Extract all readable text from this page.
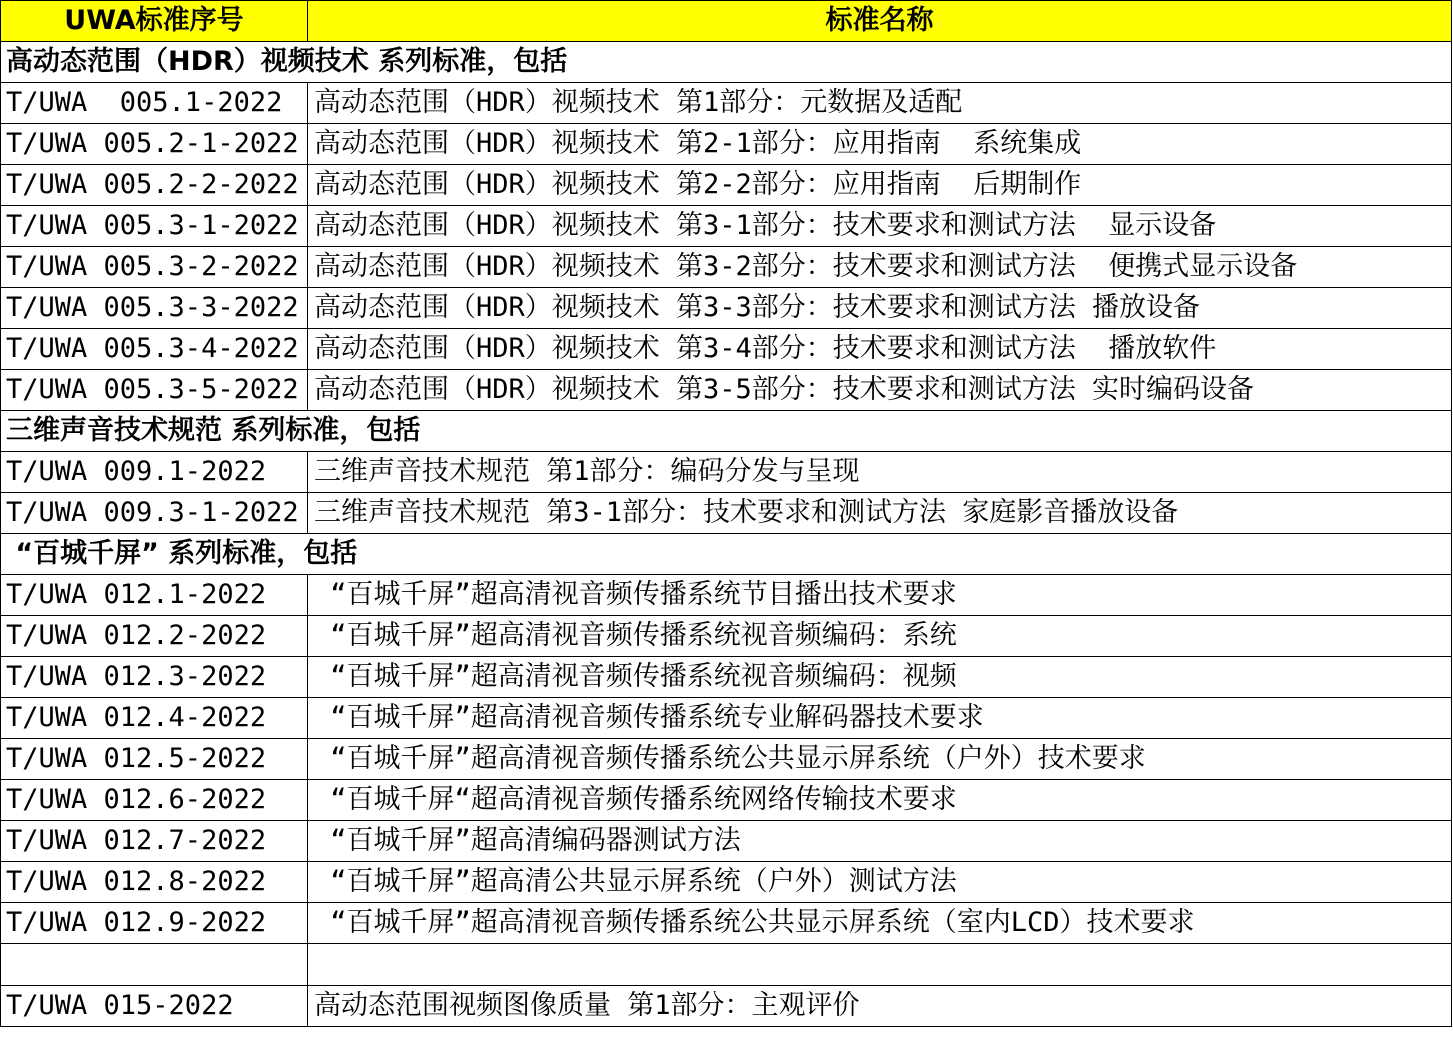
UWA标准序号	标准名称
高动态范围（HDR）视频技术 系列标准，包括	
T/UWA  005.1-2022	高动态范围（HDR）视频技术 第1部分：元数据及适配
T/UWA 005.2-1-2022	高动态范围（HDR）视频技术 第2-1部分：应用指南  系统集成
T/UWA 005.2-2-2022	高动态范围（HDR）视频技术 第2-2部分：应用指南  后期制作
T/UWA 005.3-1-2022	高动态范围（HDR）视频技术 第3-1部分：技术要求和测试方法  显示设备
T/UWA 005.3-2-2022	高动态范围（HDR）视频技术 第3-2部分：技术要求和测试方法  便携式显示设备
T/UWA 005.3-3-2022	高动态范围（HDR）视频技术 第3-3部分：技术要求和测试方法 播放设备
T/UWA 005.3-4-2022	高动态范围（HDR）视频技术 第3-4部分：技术要求和测试方法  播放软件
T/UWA 005.3-5-2022	高动态范围（HDR）视频技术 第3-5部分：技术要求和测试方法 实时编码设备
三维声音技术规范 系列标准，包括	
T/UWA 009.1-2022	三维声音技术规范 第1部分：编码分发与呈现
T/UWA 009.3-1-2022	三维声音技术规范 第3-1部分：技术要求和测试方法 家庭影音播放设备
“百城千屏” 系列标准，包括	
T/UWA 012.1-2022	“百城千屏”超高清视音频传播系统节目播出技术要求
T/UWA 012.2-2022	“百城千屏”超高清视音频传播系统视音频编码：系统
T/UWA 012.3-2022	“百城千屏”超高清视音频传播系统视音频编码：视频
T/UWA 012.4-2022	“百城千屏”超高清视音频传播系统专业解码器技术要求
T/UWA 012.5-2022	“百城千屏”超高清视音频传播系统公共显示屏系统（户外）技术要求
T/UWA 012.6-2022	“百城千屏“超高清视音频传播系统网络传输技术要求
T/UWA 012.7-2022	“百城千屏”超高清编码器测试方法
T/UWA 012.8-2022	“百城千屏”超高清公共显示屏系统（户外）测试方法
T/UWA 012.9-2022	“百城千屏”超高清视音频传播系统公共显示屏系统（室内LCD）技术要求

T/UWA 015-2022	高动态范围视频图像质量 第1部分：主观评价
